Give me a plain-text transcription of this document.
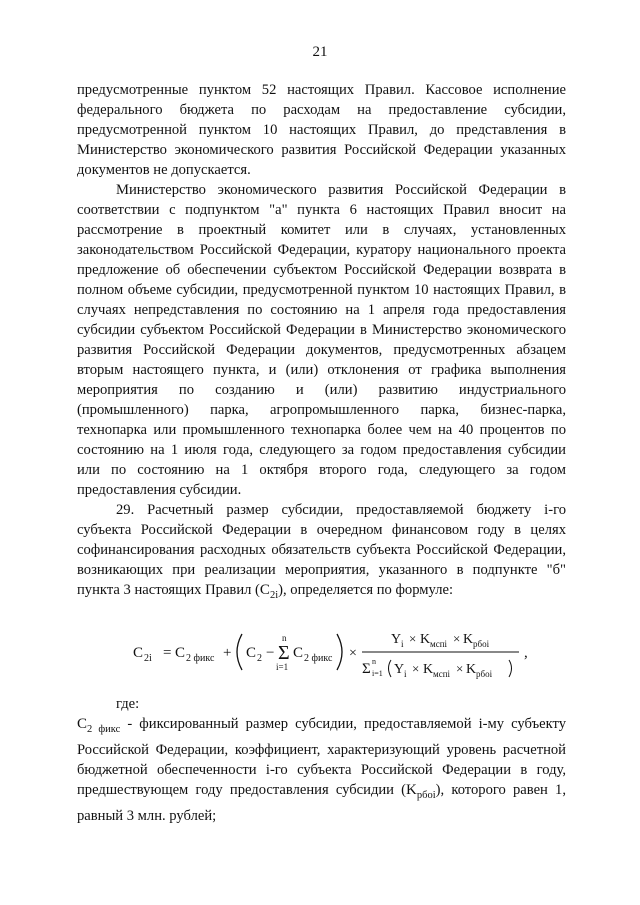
21

предусмотренные пунктом 52 настоящих Правил. Кассовое исполнение федерального бюджета по расходам на предоставление субсидии, предусмотренной пунктом 10 настоящих Правил, до представления в Министерство экономического развития Российской Федерации указанных документов не допускается.

Министерство экономического развития Российской Федерации в соответствии с подпунктом "а" пункта 6 настоящих Правил вносит на рассмотрение в проектный комитет или в случаях, установленных законодательством Российской Федерации, куратору национального проекта предложение об обеспечении субъектом Российской Федерации возврата в полном объеме субсидии, предусмотренной пунктом 10 настоящих Правил, в случаях непредставления по состоянию на 1 апреля года предоставления субсидии субъектом Российской Федерации в Министерство экономического развития Российской Федерации документов, предусмотренных абзацем вторым настоящего пункта, и (или) отклонения от графика выполнения мероприятия по созданию и (или) развитию индустриального (промышленного) парка, агропромышленного парка, бизнес-парка, технопарка или промышленного технопарка более чем на 40 процентов по состоянию на 1 июля года, следующего за годом предоставления субсидии или по состоянию на 1 октября второго года, следующего за годом предоставления субсидии.

29. Расчетный размер субсидии, предоставляемой бюджету i-го субъекта Российской Федерации в очередном финансовом году в целях софинансирования расходных обязательств субъекта Российской Федерации, возникающих при реализации мероприятия, указанного в подпункте "б" пункта 3 настоящих Правил $(C_{2i})$, определяется по формуле:

C 2i = C 2 фикс + C 2 −
n
Σ
i=1
C 2 фикс ×
Y i × K мспi × K рбоi
Σ n
i=1 Y i × K мспi × K рбоi
,

где:

$C_{2 фикс}$ - фиксированный размер субсидии, предоставляемой i-му субъекту Российской Федерации, коэффициент, характеризующий уровень расчетной бюджетной обеспеченности i-го субъекта Российской Федерации в году, предшествующем году предоставления субсидии $(K_{рбоi})$, которого равен 1, равный 3 млн. рублей;
